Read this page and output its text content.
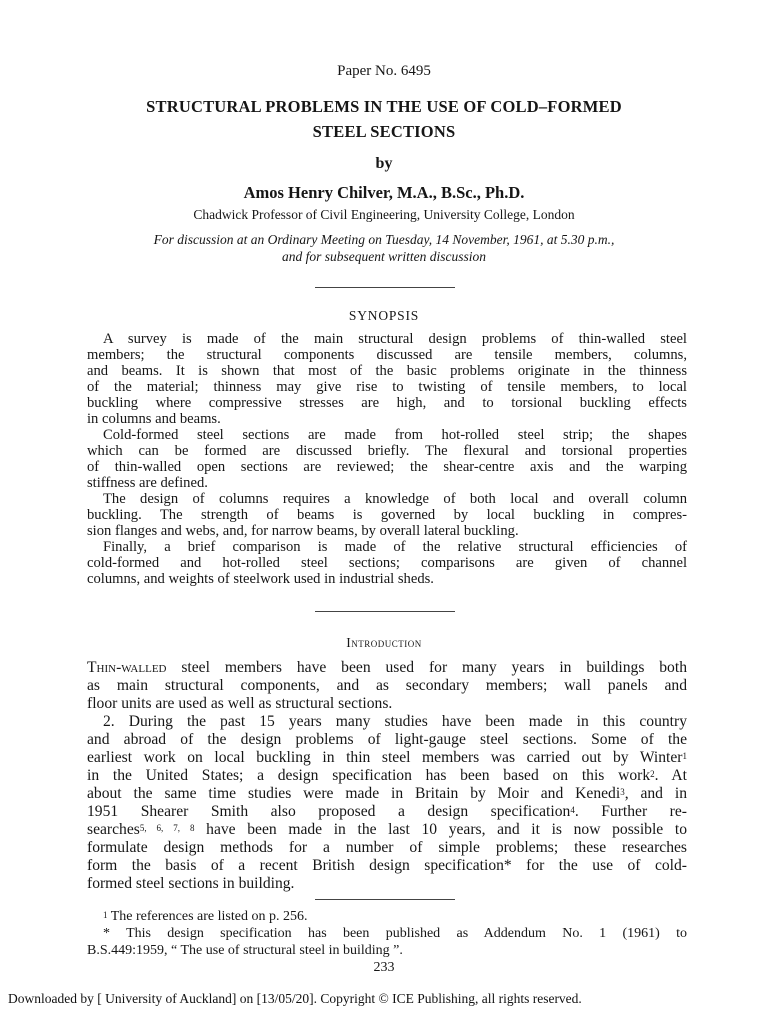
Paper No. 6495
STRUCTURAL PROBLEMS IN THE USE OF COLD–FORMED
STEEL SECTIONS
by
Amos Henry Chilver, M.A., B.Sc., Ph.D.
Chadwick Professor of Civil Engineering, University College, London
For discussion at an Ordinary Meeting on Tuesday, 14 November, 1961, at 5.30 p.m.,
and for subsequent written discussion
SYNOPSIS
A survey is made of the main structural design problems of thin-walled steel
members; the structural components discussed are tensile members, columns,
and beams. It is shown that most of the basic problems originate in the thinness
of the material; thinness may give rise to twisting of tensile members, to local
buckling where compressive stresses are high, and to torsional buckling effects
in columns and beams.
Cold-formed steel sections are made from hot-rolled steel strip; the shapes
which can be formed are discussed briefly. The flexural and torsional properties
of thin-walled open sections are reviewed; the shear-centre axis and the warping
stiffness are defined.
The design of columns requires a knowledge of both local and overall column
buckling. The strength of beams is governed by local buckling in compres-
sion flanges and webs, and, for narrow beams, by overall lateral buckling.
Finally, a brief comparison is made of the relative structural efficiencies of
cold-formed and hot-rolled steel sections; comparisons are given of channel
columns, and weights of steelwork used in industrial sheds.
Introduction
Thin-walled steel members have been used for many years in buildings both
as main structural components, and as secondary members; wall panels and
floor units are used as well as structural sections.
2. During the past 15 years many studies have been made in this country
and abroad of the design problems of light-gauge steel sections. Some of the
earliest work on local buckling in thin steel members was carried out by Winter$^1$
in the United States; a design specification has been based on this work$^2$. At
about the same time studies were made in Britain by Moir and Kenedi$^3$, and in
1951 Shearer Smith also proposed a design specification$^4$. Further re-
searches$^{5, 6, 7, 8}$ have been made in the last 10 years, and it is now possible to
formulate design methods for a number of simple problems; these researches
form the basis of a recent British design specification* for the use of cold-
formed steel sections in building.
$^1$ The references are listed on p. 256.
* This design specification has been published as Addendum No. 1 (1961) to
B.S.449:1959, “ The use of structural steel in building ”.
233
Downloaded by [ University of Auckland] on [13/05/20]. Copyright © ICE Publishing, all rights reserved.
